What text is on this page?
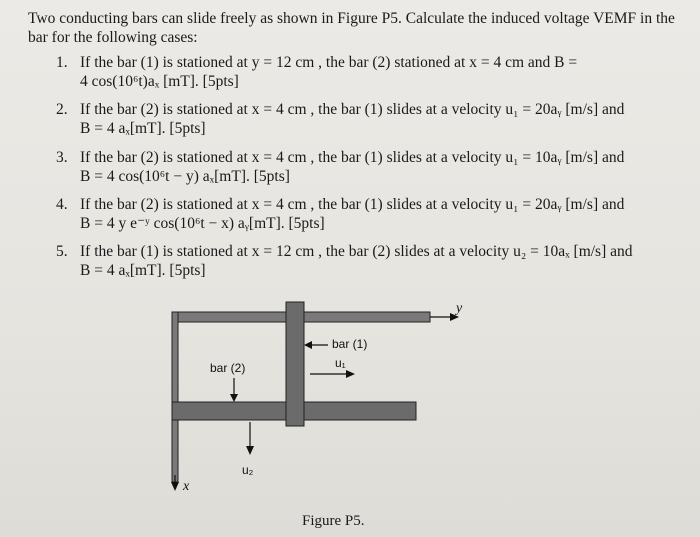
Two conducting bars can slide freely as shown in Figure P5. Calculate the induced voltage VEMF in the bar for the following cases:
1. If the bar (1) is stationed at y = 12 cm , the bar (2) stationed at x = 4 cm and B =
4 cos(10⁶t)aₓ [mT]. [5pts]
2. If the bar (2) is stationed at x = 4 cm , the bar (1) slides at a velocity u₁ = 20aᵧ [m/s] and
B = 4 aₓ[mT]. [5pts]
3. If the bar (2) is stationed at x = 4 cm , the bar (1) slides at a velocity u₁ = 10aᵧ [m/s] and
B = 4 cos(10⁶t − y) aₓ[mT]. [5pts]
4. If the bar (2) is stationed at x = 4 cm , the bar (1) slides at a velocity u₁ = 20aᵧ [m/s] and
B = 4 y e⁻ʸ cos(10⁶t − x) aᵧ[mT]. [5pts]
5. If the bar (1) is stationed at x = 12 cm , the bar (2) slides at a velocity u₂ = 10aₓ [m/s] and
B = 4 aₓ[mT]. [5pts]
y
x
bar (2)
bar (1)
u₁
u₂
Figure P5.
